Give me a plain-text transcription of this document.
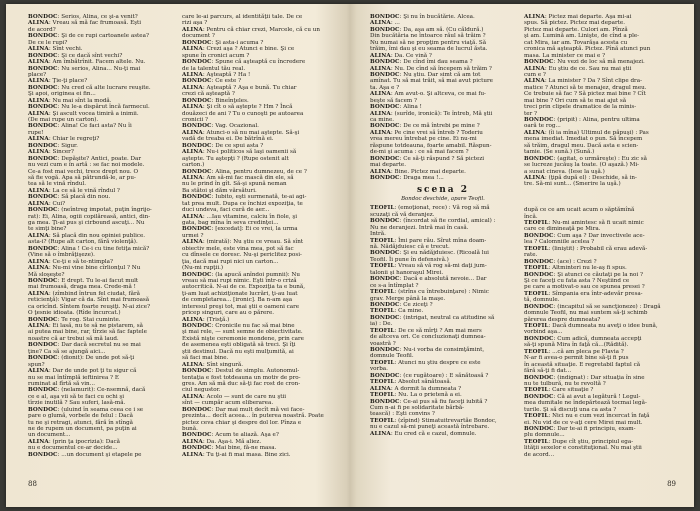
BONDOC: Serios, Alina, ce şi-a venit?
ALINA: Vreau să mă fac frumoasă. Eşti
de acord?
BONDOC: Şi de ce rupi cartoanele astea?
De ce le rupi?
ALINA: Sînt vechi.
BONDOC: Şi ce dacă sînt vechi?
ALINA: Am îmbătrînit. Facem altele. Nu.
BONDOC: Nu serios, Alina... Nu-ţi mai
place?
ALINA: Ţie-ţi place?
BONDOC: Nu cred că alte lucrare reuşite.
Şi apoi, originea ei fin...
ALINA: Nu mai sînt la modă.
BONDOC: Nu le-a dispărut încă farmecul.
ALINA: Şi ascult vocea timiră a inimii.
(De mai rupe un carton).
BONDOC: Alina! Ce faci asta? Nu îi
rupe!
ALINA: Chiar le regreţi?
BONDOC: Sigur.
ALINA: Sincer?
BONDOC: Depăşite? Antici, poate. Dar
nu vezi cum e în artă : se fac noi modele.
Ce-a fost mai vechi, trece drept nou. O
să fie vogă. Apa să pătrundă-le, ar pu-
tea să le vină rîndul.
ALINA: La ce să le vină rîndul ?
BONDOC: Să placă din nou.
ALINA: Cui?
BONDOC: (neîntreg impotat, puţin îngrijo-
rat): Ei, Alina, ogiii copilăreasă, antici, din-
ga mea. Ţi-ai pus şi cirbound ascuţi... Nu
te simţi bine?
ALINA: Să placă din nou opiniei publice.
asta-i? (Rupe alt carton, fără violenţă).
BONDOC: Alina ! Ce-i cu tine fetiţa mică?
(Vine să o îmbrăţişeze).
ALINA: Ce-ţi e să te-ntimpla?
ALINA: Nu-mi vine bine cîrlionţul ? Nu
Mă sloşeşte?
BONDOC: E drept. Tu le-ai facut mult
mai frumoasă, draga mea. Crede-mă !
ALINA: (zîmbind întrun fel ciudat, fără
reticienţă): Vigar că da. Sînt mai frumoasă
ca oricînd. Sîntem foarte reuşiţi. N-ai zice?
O ţesnie idioata. (Rîde încurcat.)
BONDOC: Te rog. Stai cuminte.
ALINA: Ei lasă, nu te să ne pistarem, să
ai putea mai bine, rar, tîrzie să fac faptele
noastre că ar trebui să mă laud.
BONDOC: Dar dacă secretul nu se mai
ţine? Ca să se ajungă aici...
BONDOC: (dionit): De unde pot să-ţi
spun?
ALINA: Dar de unde pot ţi tu sigur că
nu se mai întîmplă ieftinirea ? E
ruminat al fîrtă să vin...
BONDOC: (nelamurit): Ce-nsemnă, dacă
ce e al, aşa vii să te faci cu ochi şi
tîrzie inutilă ? Sau suferi, lasă-mă.
BONDOC: (uluind în seama ceea ce i se
pare o glumă, vorbele de felul : Dacă
tu ne şi retragi, atunci, fără în stîngă
ne de rupem un document, pa puţin ai
un document...
ALINA: (prin ţa ipocrizia): Dacă
nu e documentul ce-ar decide...
BONDOC: ...un document şi etapele pe
care le-ai parcurs, al identităţii tale. De ce
rizi aşa ?
ALINA: Pentru că chiar crezi, Marcele, că cu un
document ?
BONDOC: Şi asta-i acuma ?
ALINA: Crezi aşa ? Atunci e bine. Şi ce
spune în cronici acum ?
BONDOC: Spune că aşteaptă cu încredere
de la talentul tău real.
ALINA: Aşteaptă ? Ha !
BONDOC: Ce este ?
ALINA: Aşteaptă ? Aşa e bună. Tu chiar
crezi că aşteaptă ?
BONDOC: Bineînţeles.
ALINA: Şi cît o să aştepte ? Hm ? Încă
douăzeci de ani ? Tu o cunoşti pe autoarea
cronicii ?
BONDOC: Vag. Ocazional.
ALINA: Atunci-o să nu mai aştepte. Să-şi
vadă de treaba ei. De bătrînă ei.
BONDOC: De ce spui asta ?
ALINA: Nu-i politicos să laşi oamenii să
aştepte. Tu aştepţi ? (Rupe ostenit alt
carton.)
BONDOC: Alina, pentru dumnezeu, de ce ?
ALINA: Am să-mi fac mască din ele, să
nu le prind în gît. Să-şi spună neman
Ba stătoi şi dăm vărsături.
BONDOC: Iubito, eşti surmenată, te-ai agi-
tat prea mult. Dupa ce închizi expoziţia, te
duci undeva, faci cură de aer...
ALINA: ...Iau vitamine, calciu în fiole, şi
gata, bag mîna în seva credinţei...
BONDOC: [excedat]: Ei ce vrei, la urma
urmei ?
ALINA: (mirată): Nu ştiu ce vreau. Să sînt
obiectiv mele, este vina mea, pot să fac
cu dînsele ce doresc. Nu-şi periclitez posi-
ţia, dacă mai rupi nici un carton...
(Nu-mi rupţii.)
BONDOC: (la apucă anîndoi pumnii): Nu
vreau să mai rupi nimic. Eşti într-o criză
autocritică. N-ai de ce. Expoziţia ta e bună,
ţi-am luat achiziţionate lucrări, ţi-au luat
de completarea... [ironic]. Ba n-am aşa
interesul preşi tot, mai ştii e oameni care
pricep singuri, care au o părere.
ALINA: (Trisţă.)
BONDOC: Cronicile nu fac să mai bine
şi mai rele, — sunt semne de obiectivitate.
Există nişte ceremonie mondene, prin care
de asemenea eşti obligată să treci. Şi îţi
ştii destinul. Dacă nu eşti mulţumită, ai
să faci mai bine.
ALINA: Sînt singură.
BONDOC: Destul de simplu. Autonomul-
tentaţia e fost totdeauna un motiv de pro-
gres. Am să mă duc să-ţi fac rost de cron-
ciul negustor.
ALINA: Acolo — sunt de care nu ştii
sînt — cumpăr acum eliberarea.
BONDOC: Dar mai mult decît mă vei face-
prezinta... decît aceea... în puterea noastră. Poate
pictez ceva chiar şi despre dol lor. Pînza e
bună.
BONDOC: Acum te aliază. Aşa e?
ALINA: Da. Aşa-i. Mă aliez.
BONDOC: Mai bine, fă-ne masa.
ALINA: Tu ţi-ai fi mai masa. Bine zici.
88
BONDOC: Şi nu în bucătărie. Alcea.
ALINA: ...
BONDOC: Da, aşa am să. (Cu căldură.)
Din bucătăria ne întoarce răul să trăim ?
Nu numai să ne propţim pentru viaţă. Să
trăim, îmi dau şi eu seama de lucrul ăsta.
ALINA: Da. Ce vină ?
BONDOC: De cînd îmi dau seama ?
ALINA: Nu. De cînd să începem să trăim ?
BONDOC: Nu ştiu. Dar simt că am tot
amînat. Tu să mai trăit, să mai avut picture
ta. Aşa e ?
ALINA: Am avut-o. Şi altceva, ce mai fu-
beşte să facem ?
BONDOC: Alina !
ALINA: (surîde, ironică): Te întreb, Mă ştii
ca mine.
BONDOC: De ce mă întrebi pe mine ?
ALINA: Pe cine vrei să întreb ? Toderiu
vrea mereu întrebat pe cine. Ei nu-mi
răspune totdeauna, foarte amabil. Răspun-
de-mi şi acuma : ce să mai facem ?
BONDOC: Ce să-ţi răspund ? Să pictezi
mai departe.
ALINA: Bine. Pictez mai departe.
BONDOC: Draga mea !...
scena 2
Bondoc deschide, apare Teofil.
TEOFIL: (emoţionat, rece) : Vă rog să mă
scuzaţi că vă deranjez.
BONDOC: (încordat să fie cordial, amical) :
Nu ne deranjezi. Intră mai în casă.
Intră.
TEOFIL: Îmi pare rău. Sîrut mîna doam-
nă. Nădăjduiesc că e trecut.
BONDOC: Şi eu nădăjduiesc. (Ricoală lui
Teofil. Îi pune în defensivă.)
TEOFIL: Vreau să vă rog să-mi daţi jum-
talonii şi hanoraşul Mirei.
BONDOC: Dacă e absolută nevoie... Dar
ce s-a întîmplat ?
TEOFIL: (strîns cu întrebuinţare) : Nimic
grav. Merge până la maşe.
BONDOC: Ce ziceţi ?
TEOFIL: Ca mine.
BONDOC: (intrigat, neutral ca atitudine să
ia) : De.
TEOFIL: De ce să mîrţi ? Am mai mers
de altceva ori. Ce concluzionaţi dumnea-
voastră ?
BONDOC: Nu-i vorba de consimţămint,
domnule Teofil.
TEOFIL: Atunci nu ştiu despre ce este
vorba.
BONDOC: (ce rugătoare) : E sănătoasă ?
TEOFIL: Absolut sănătoasă.
ALINA: A dormit la dumneata ?
TEOFIL: Nu. La o prietenă a ei.
BONDOC: Ce-ai pus să fiu faceţi iubită ?
Cum n-ai fi pe solidaritate bărbă-
tească) : Eşti convins ?
TEOFIL: (zîpind) Stimatuitrevartăe Bondoc,
nu e cazul să-mi puneţi această întrebare.
ALINA: Eu cred că e cazul, domnule.
ALINA: Pictez mai departe. Aşa mi-ai
spus. Să pictez. Pictez mai departe.
Pictez mai departe. Culori am. Pînză
şi am. Lumină am. Linişte, de cînd a ple-
cat Mira, iar am. Tovarăşa acesta cu
cronica mă aşteaptă. Pictez. Pînă atunci pun
masa. La minister ce mai e ?
BONDOC: Nu vezi de loc să mă menajezi.
ALINA: Eu ştiu de ce. Sau nu mai ştii
cum e ?
ALINA: La minister ? Da ? Sînt clipe dra-
matice ? Atunci să te menajez, dragul meu.
Ce trebuie să fac ? Să pictez mai bine ? Cît
mai bine ? Ori cum să te mai ajut să
treci prin clipele dramatice de la minis-
ter ?
BONDOC: (pripit) : Alina, pentru ultima
oară te rog...
ALINA: (îi ia mîna) Ultimul de păpuşi) : Pas
mena imediat. Imediat o pun. Să începem
să trăim, dragul meu. Dacă asta e scien-
tamie. (Se sună.) (Sună.)
BONDOC: (agitat, o urmăreşte) : Eu zic să
se lucreze jucăuş la toate. (O aşază.) Mi-
a sunat cineva. (Iese la uşă.)
ALINA: (ţipă după el) : Deschide, să in-
tre. Să-mi sunt... (Smerire la uşă.)
după ce ce am ucait acum o săptămînă
încă.
TEOFIL: Nu-mi amintesc să fi ucait nimic
care ce dimineaţă pe Mira.
BONDOC: Cum aşa ? Dar invectivele ace-
lea ? Calomniile acelea ?
TEOFIL: (liniştit) : Probabil că erau adevă-
rate.
BONDOC: (ace) : Crezi ?
TEOFIL: Altminteri nu le-aş fi spus.
BONDOC: Şi atunci ce căutaţi pe la noi ?
Şi ce faceţi cu fata asta ? Neştiind ce
pe care a motivat-o sau ce spunea presei ?
TEOFIL: Sîmpania era într-adevăr presa-
tă, domnule.
BONDOC: (incapitul să se sancţioneze) : Dragă
domnule Teofil, nu mai suntem să-ţi schimb
părerea despre dumneata?
TEOFIL: Dacă dumneata nu aveţi o idee bună,
vorbind aşa...
BONDOC: Cum adică, dumneata accepţi
să-ţi spună Mira în faţă că...(Rădită).
TEOFIL: ...că am pleca pe Flavia ?
N-ar fi avea-o permit bine să-ţi fi pus
în această situaţie. E regretabil faptul că
fără să-ţi fi dat...
BONDOC: (indignat) : Dar situaţia în sine
nu te tulbură, nu te revoltă ?
TEOFIL: Care situaţie ?
BONDOC: Că ai avut a legătură ! Legul-
mea dumitale ne îndepărtează tocmai legă-
turile. Şi să discuţi una ca asta ?
TEOFIL: Nici nu e cum vezi încercat în faţă
ei. Nu vid de ce v-aţi cere Mirei mai mult.
BONDOC: Dar te-ai fi principiu, exam-
plu domnule...
TEOFIL: Dupe cît ştiu, principiul ega-
lităţii sexelor e constituţional. Nu mai ştii
de acord...
89
